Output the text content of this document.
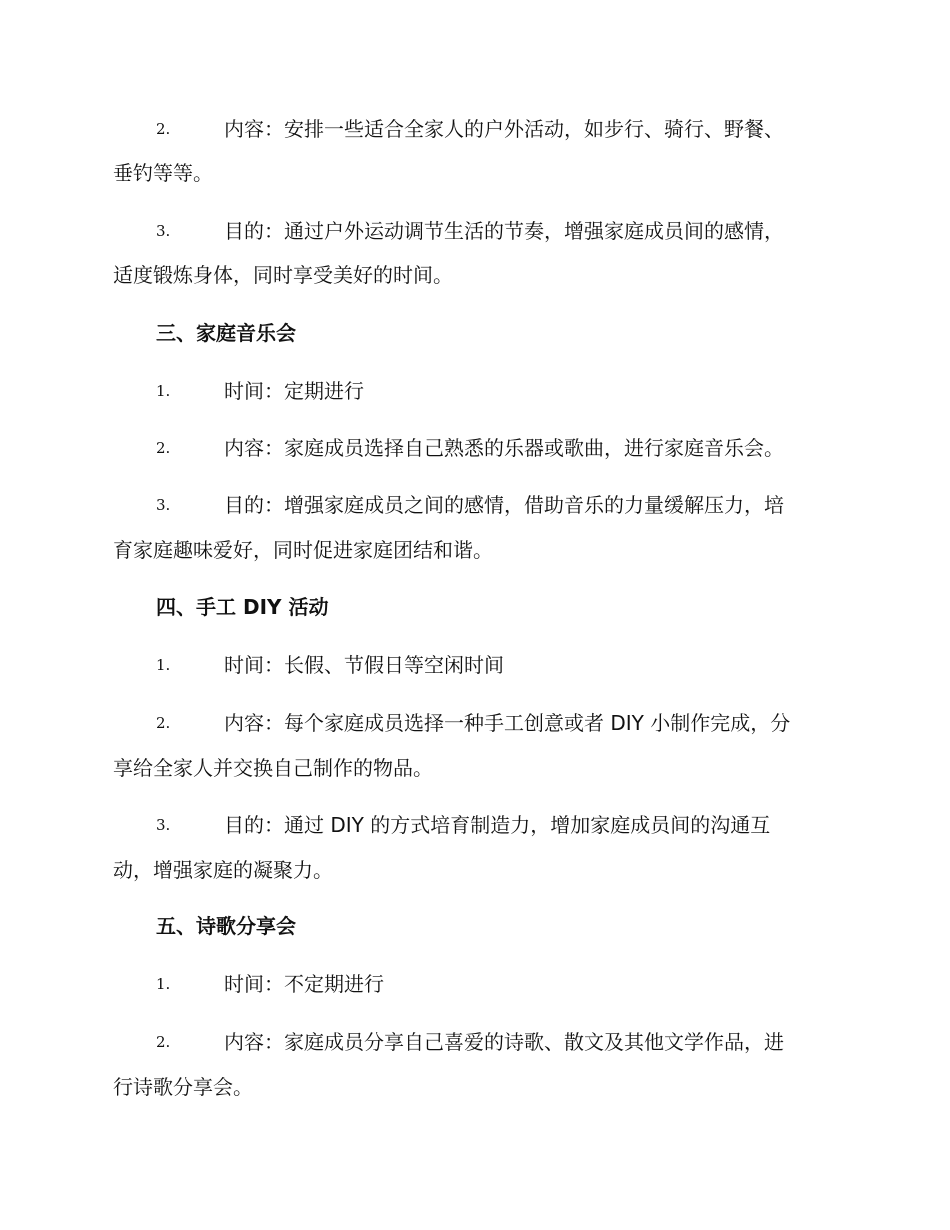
2.	内容：安排一些适合全家人的户外活动，如步行、骑行、野餐、
垂钓等等。
3.	目的：通过户外运动调节生活的节奏，增强家庭成员间的感情，
适度锻炼身体，同时享受美好的时间。
三、家庭音乐会
1.	时间：定期进行
2.	内容：家庭成员选择自己熟悉的乐器或歌曲，进行家庭音乐会。
3.	目的：增强家庭成员之间的感情，借助音乐的力量缓解压力，培
育家庭趣味爱好，同时促进家庭团结和谐。
四、手工 DIY 活动
1.	时间：长假、节假日等空闲时间
2.	内容：每个家庭成员选择一种手工创意或者 DIY 小制作完成，分
享给全家人并交换自己制作的物品。
3.	目的：通过 DIY 的方式培育制造力，增加家庭成员间的沟通互
动，增强家庭的凝聚力。
五、诗歌分享会
1.	时间：不定期进行
2.	内容：家庭成员分享自己喜爱的诗歌、散文及其他文学作品，进
行诗歌分享会。
